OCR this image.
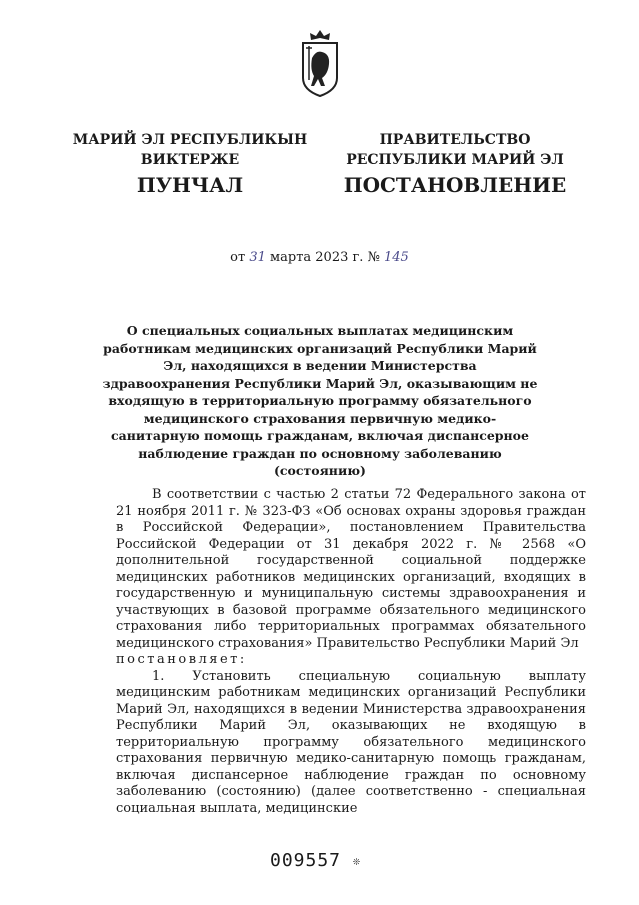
МАРИЙ ЭЛ РЕСПУБЛИКЫН
ВИКТЕРЖЕ
ПУНЧАЛ
ПРАВИТЕЛЬСТВО
РЕСПУБЛИКИ МАРИЙ ЭЛ
ПОСТАНОВЛЕНИЕ
от 31 марта 2023 г. № 145
О специальных социальных выплатах медицинским работникам медицинских организаций Республики Марий Эл, находящихся в ведении Министерства здравоохранения Республики Марий Эл, оказывающим не входящую в территориальную программу обязательного медицинского страхования первичную медико-санитарную помощь гражданам, включая диспансерное наблюдение граждан по основному заболеванию (состоянию)

В соответствии с частью 2 статьи 72 Федерального закона от 21 ноября 2011 г. № 323-ФЗ «Об основах охраны здоровья граждан в Российской Федерации», постановлением Правительства Российской Федерации от 31 декабря 2022 г. № 2568 «О дополнительной государственной социальной поддержке медицинских работников медицинских организаций, входящих в государственную и муниципальную системы здравоохранения и участвующих в базовой программе обязательного медицинского страхования либо территориальных программах обязательного медицинского страхования» Правительство Республики Марий Эл

постановляет:

1. Установить специальную социальную выплату медицинским работникам медицинских организаций Республики Марий Эл, находящихся в ведении Министерства здравоохранения Республики Марий Эл, оказывающих не входящую в территориальную программу обязательного медицинского страхования первичную медико-санитарную помощь гражданам, включая диспансерное наблюдение граждан по основному заболеванию (состоянию) (далее соответственно - специальная социальная выплата, медицинские

009557 ❊
